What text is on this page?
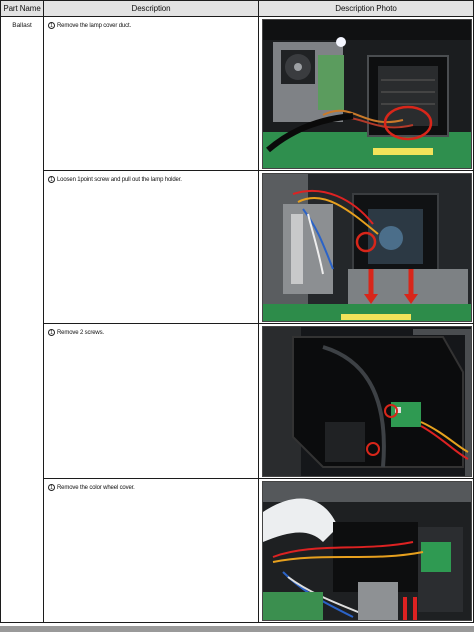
Part Name	Description	Description Photo

Ballast	1 Remove the lamp cover duct.

	1 Loosen 1point screw and pull out the lamp holder.

	1 Remove 2 screws.

	1 Remove the color wheel cover.
